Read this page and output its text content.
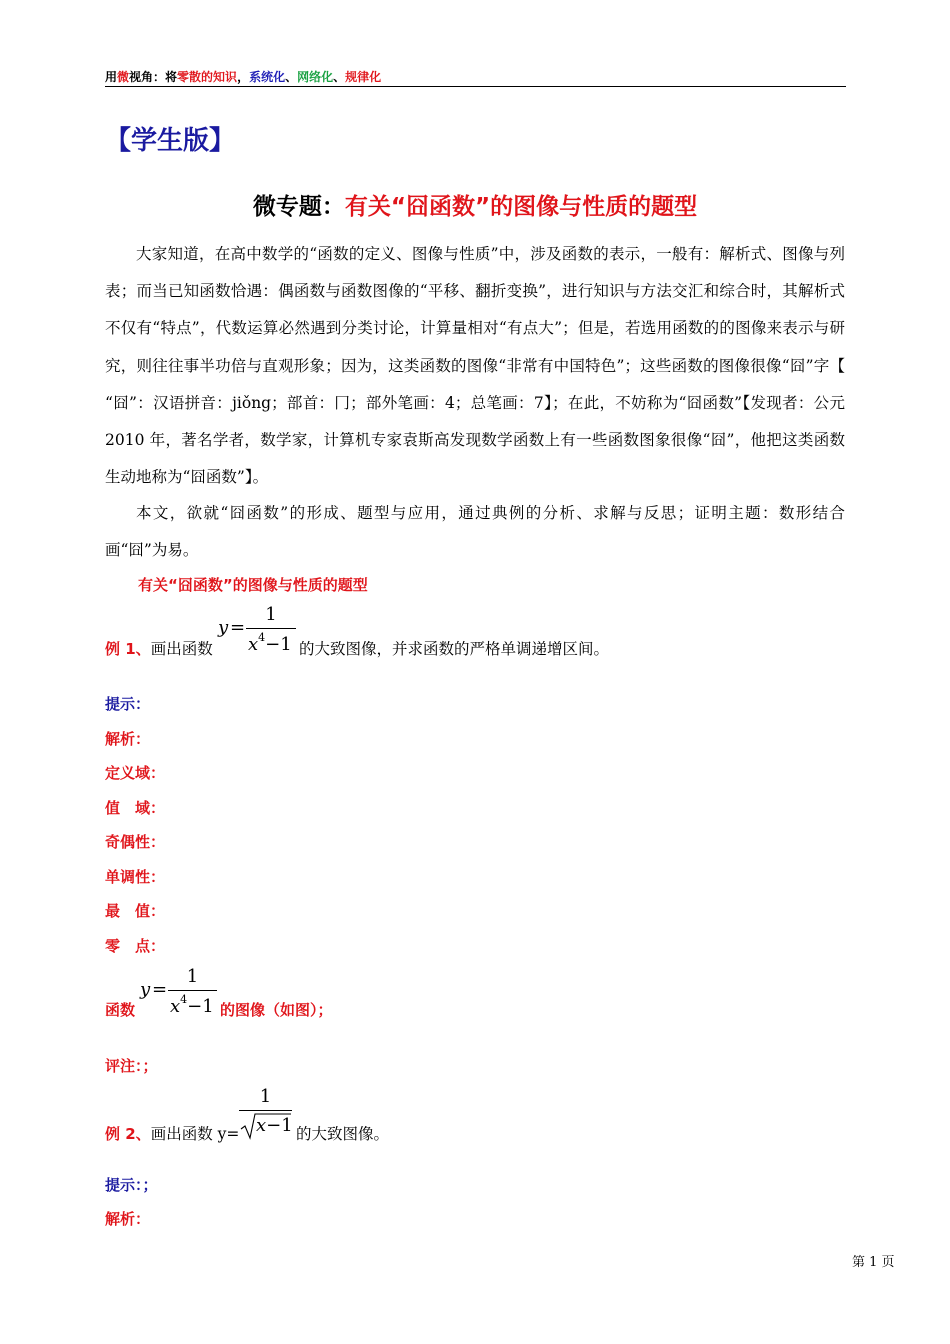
用微视角：将零散的知识，系统化、网络化、规律化
【学生版】
微专题：有关“囧函数”的图像与性质的题型

大家知道，在高中数学的“函数的定义、图像与性质”中，涉及函数的表示，一般有：解析式、图像与列表；而当已知函数恰遇：偶函数与函数图像的“平移、翻折变换”，进行知识与方法交汇和综合时，其解析式不仅有“特点”，代数运算必然遇到分类讨论，计算量相对“有点大”；但是，若选用函数的的图像来表示与研究，则往往事半功倍与直观形象；因为，这类函数的图像“非常有中国特色”；这些函数的图像很像“囧”字【 “囧”：汉语拼音：jiǒng；部首：冂；部外笔画：4；总笔画：7】；在此，不妨称为“囧函数”【发现者：公元 2010 年，著名学者，数学家，计算机专家袁斯高发现数学函数上有一些函数图象很像“囧”，他把这类函数生动地称为“囧函数”】。

本文，欲就“囧函数”的形成、题型与应用，通过典例的分析、求解与反思；证明主题：数形结合　画“囧”为易。

有关“囧函数”的图像与性质的题型
例 1、画出函数
y =
1
$x^4-1$ 的大致图像，并求函数的严格单调递增区间。
提示：
解析：
定义域：
值　域：
奇偶性：
单调性：
最　值：
零　点：
函数
y =
1
$x^4-1$ 的图像（如图）；
评注：；
例 2、画出函数 y=
1
x−1 的大致图像。
提示：；
解析：
第 1 页
